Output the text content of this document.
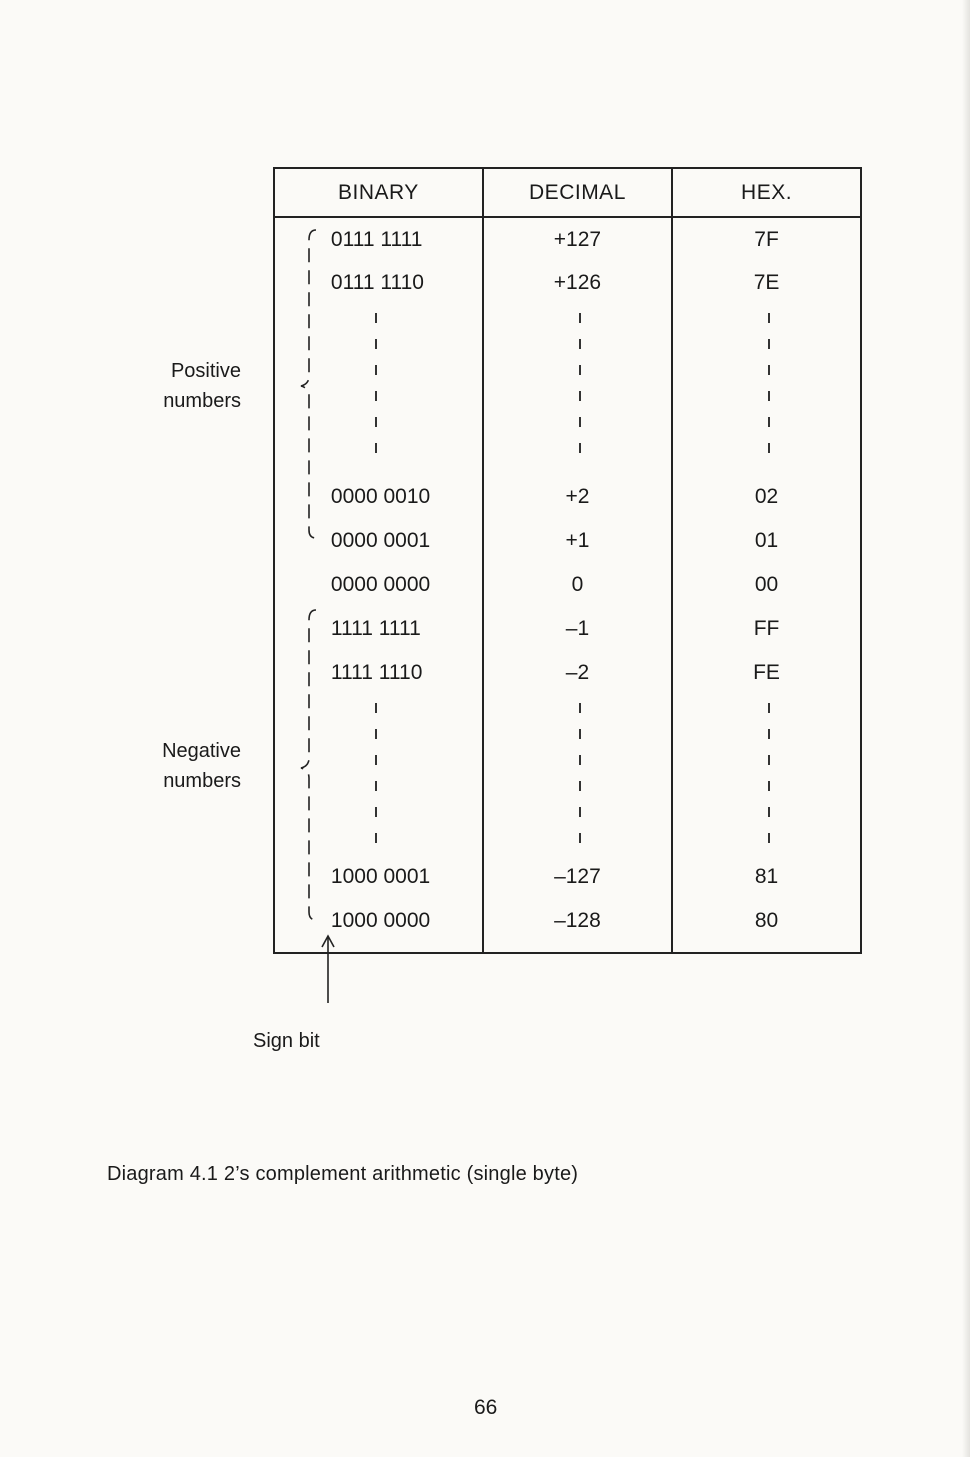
BINARY	DECIMAL	HEX.
0111 1111	+127	7F
0111 1110	+126	7E

0000 0010	+2	02
0000 0001	+1	01
0000 0000	0	00
1111 1111	–1	FF
1111 1110	–2	FE

1000 0001	–127	81
1000 0000	–128	80

Positive
numbers
Negative
numbers
Sign bit
Diagram 4.1 2’s complement arithmetic (single byte)
66
